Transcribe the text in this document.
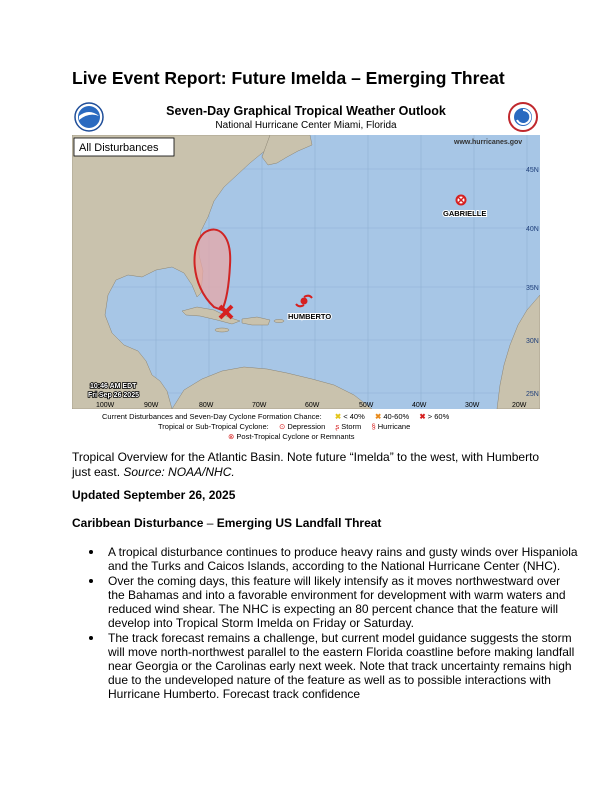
Live Event Report: Future Imelda – Emerging Threat
Seven-Day Graphical Tropical Weather Outlook
National Hurricane Center Miami, Florida
HUMBERTO
GABRIELLE
45N
40N
35N
30N
25N
100W	90W	80W	70W	60W	50W	40W	30W	20W
All Disturbances	www.hurricanes.gov
10:46 AM EDT
Fri Sep 26 2025
Current Disturbances and Seven-Day Cyclone Formation Chance: ✖ < 40% ✖ 40-60% ✖ > 60%
Tropical or Sub-Tropical Cyclone: ⊙ Depression ʂ Storm § Hurricane
⊗ Post-Tropical Cyclone or Remnants

Tropical Overview for the Atlantic Basin. Note future “Imelda” to the west, with Humberto just east. Source: NOAA/NHC.

Updated September 26, 2025

Caribbean Disturbance – Emerging US Landfall Threat

A tropical disturbance continues to produce heavy rains and gusty winds over Hispaniola and the Turks and Caicos Islands, according to the National Hurricane Center (NHC).
Over the coming days, this feature will likely intensify as it moves northwestward over the Bahamas and into a favorable environment for development with warm waters and reduced wind shear. The NHC is expecting an 80 percent chance that the feature will develop into Tropical Storm Imelda on Friday or Saturday.
The track forecast remains a challenge, but current model guidance suggests the storm will move north-northwest parallel to the eastern Florida coastline before making landfall near Georgia or the Carolinas early next week. Note that track uncertainty remains high due to the undeveloped nature of the feature as well as to possible interactions with Hurricane Humberto. Forecast track confidence
